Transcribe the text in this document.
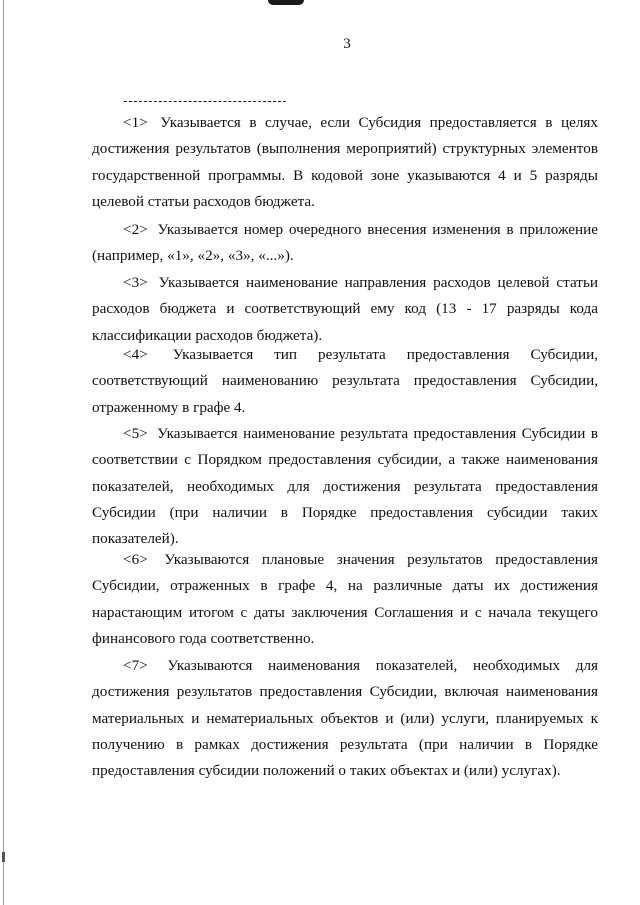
3

<1> Указывается в случае, если Субсидия предоставляется в целях достижения результатов (выполнения мероприятий) структурных элементов государственной программы. В кодовой зоне указываются 4 и 5 разряды целевой статьи расходов бюджета.

<2> Указывается номер очередного внесения изменения в приложение (например, «1», «2», «3», «...»).

<3> Указывается наименование направления расходов целевой статьи расходов бюджета и соответствующий ему код (13 - 17 разряды кода классификации расходов бюджета).

<4> Указывается тип результата предоставления Субсидии, соответствующий наименованию результата предоставления Субсидии, отраженному в графе 4.

<5> Указывается наименование результата предоставления Субсидии в соответствии с Порядком предоставления субсидии, а также наименования показателей, необходимых для достижения результата предоставления Субсидии (при наличии в Порядке предоставления субсидии таких показателей).

<6> Указываются плановые значения результатов предоставления Субсидии, отраженных в графе 4, на различные даты их достижения нарастающим итогом с даты заключения Соглашения и с начала текущего финансового года соответственно.

<7> Указываются наименования показателей, необходимых для достижения результатов предоставления Субсидии, включая наименования материальных и нематериальных объектов и (или) услуги, планируемых к получению в рамках достижения результата (при наличии в Порядке предоставления субсидии положений о таких объектах и (или) услугах).
